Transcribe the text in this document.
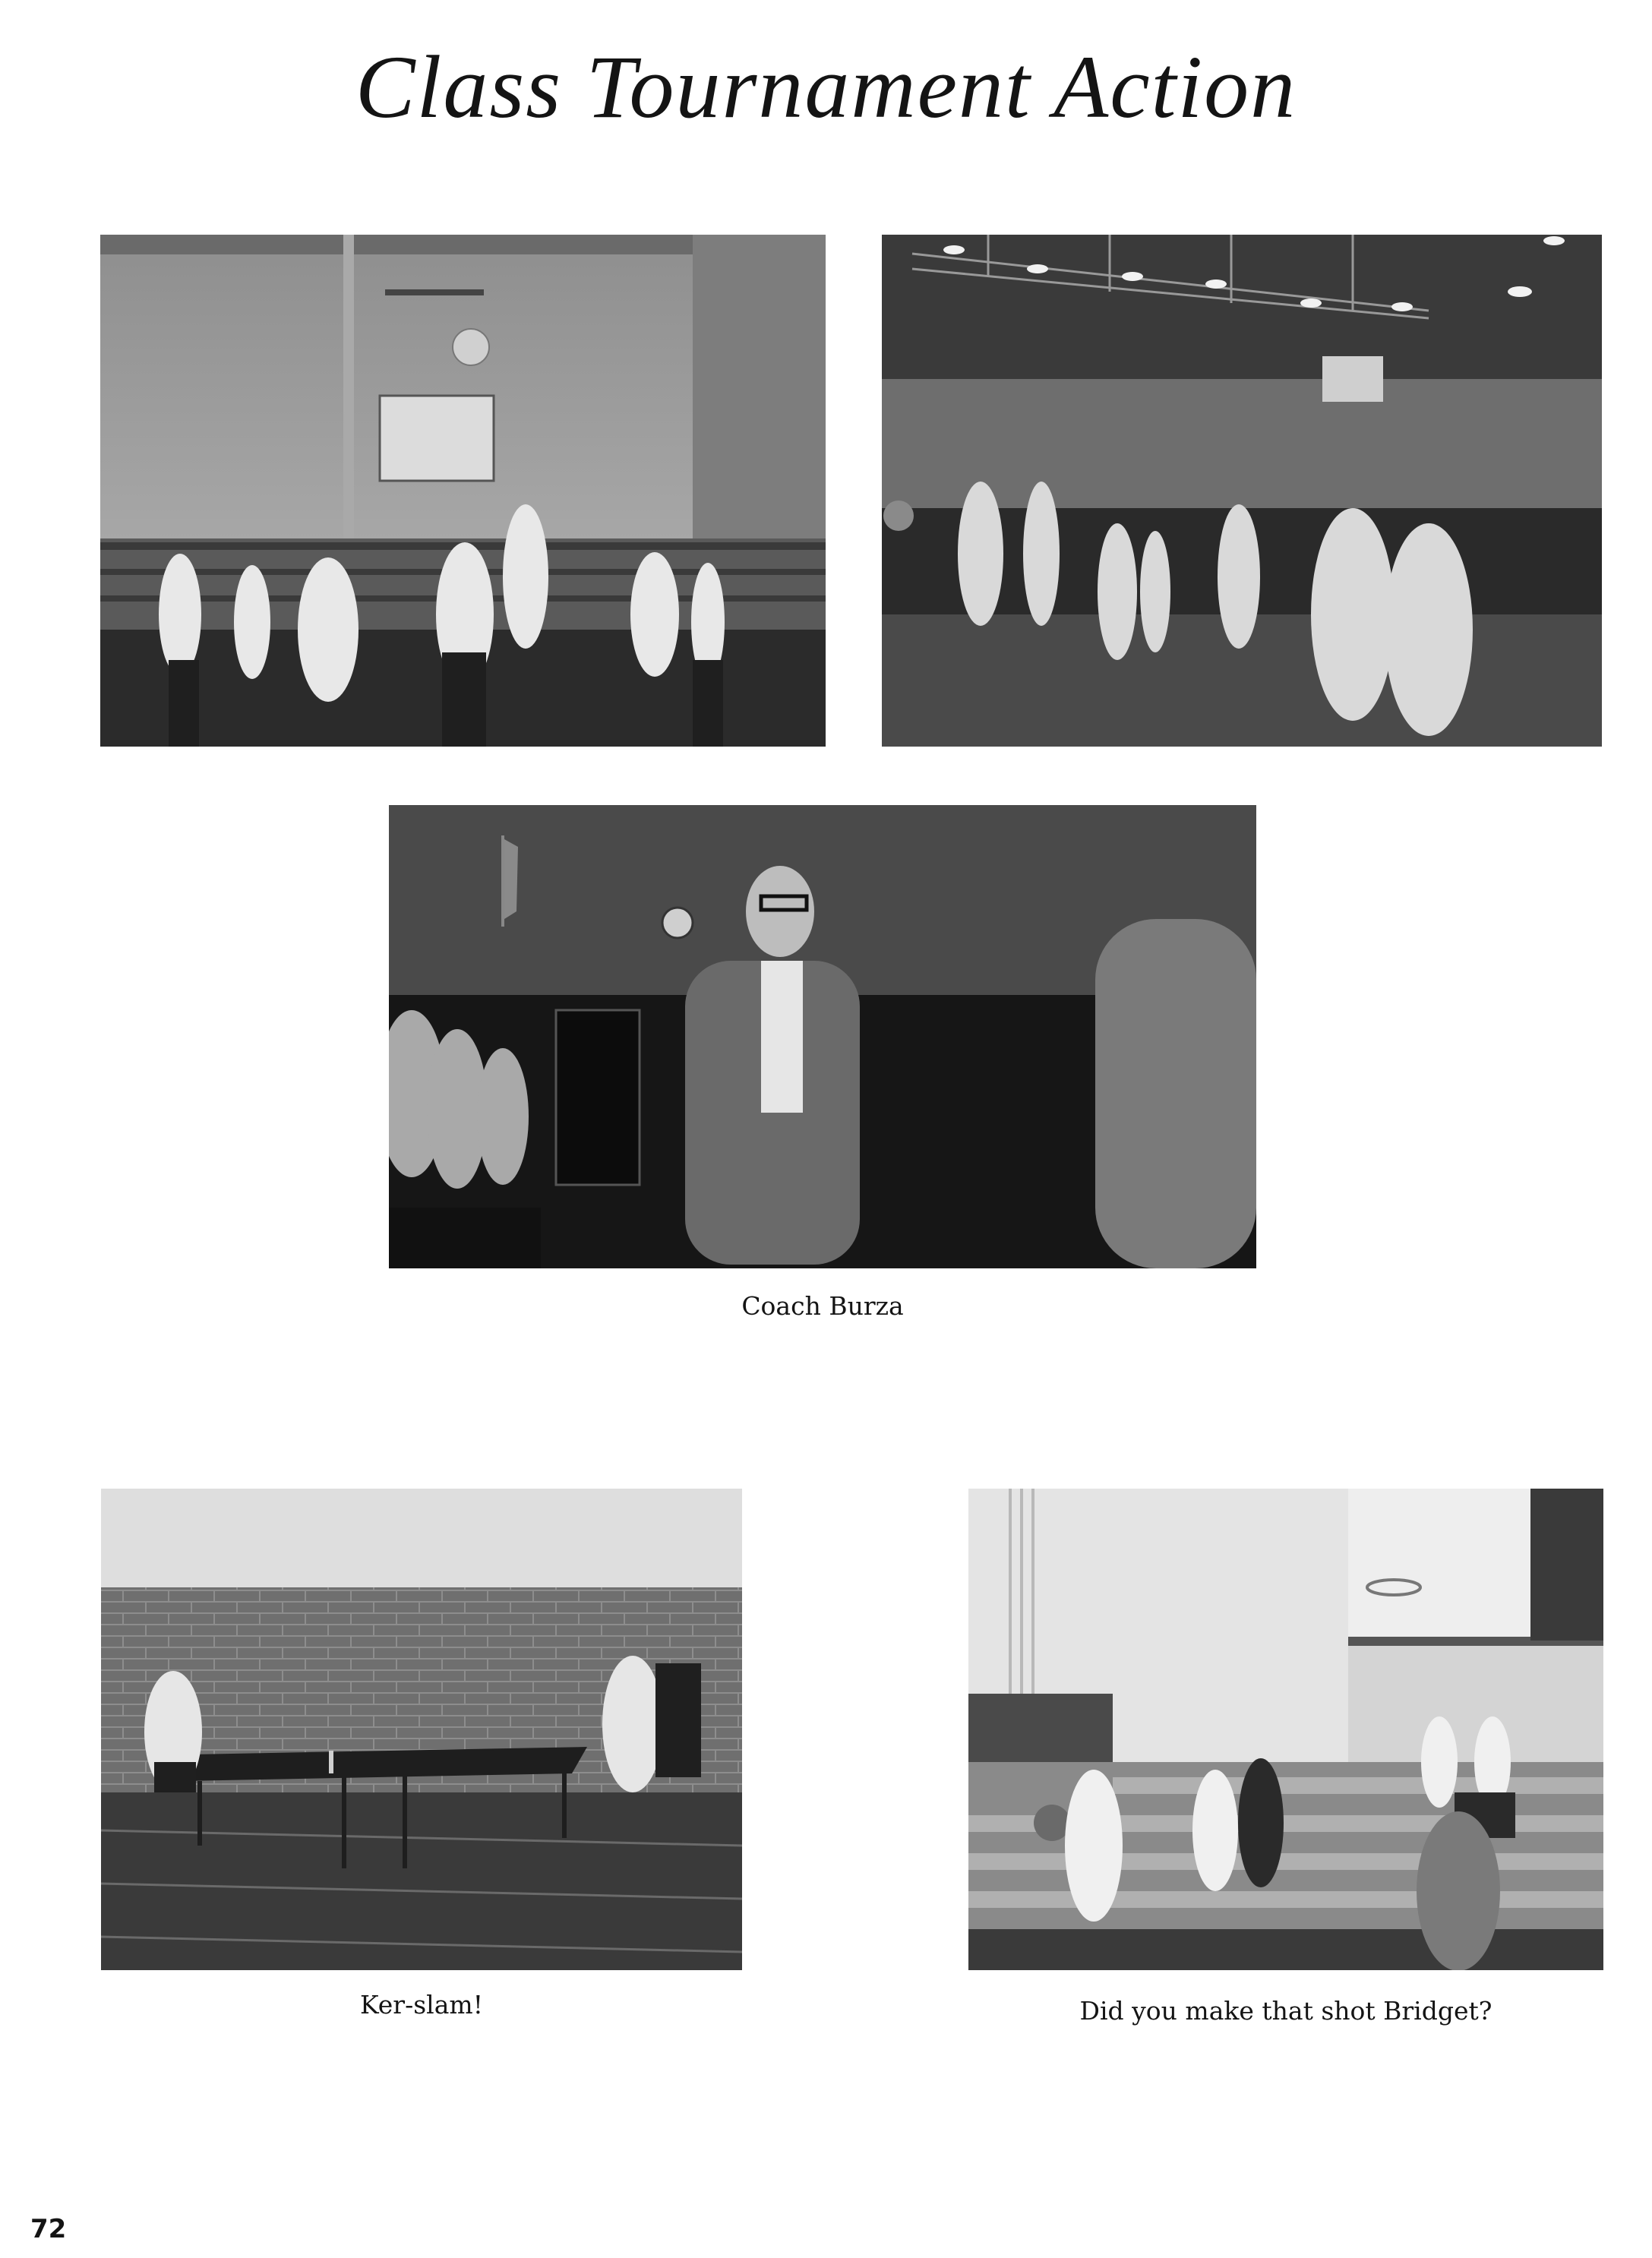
Class Tournament Action
Coach Burza
Ker-slam!	Did you make that shot Bridget?
72
